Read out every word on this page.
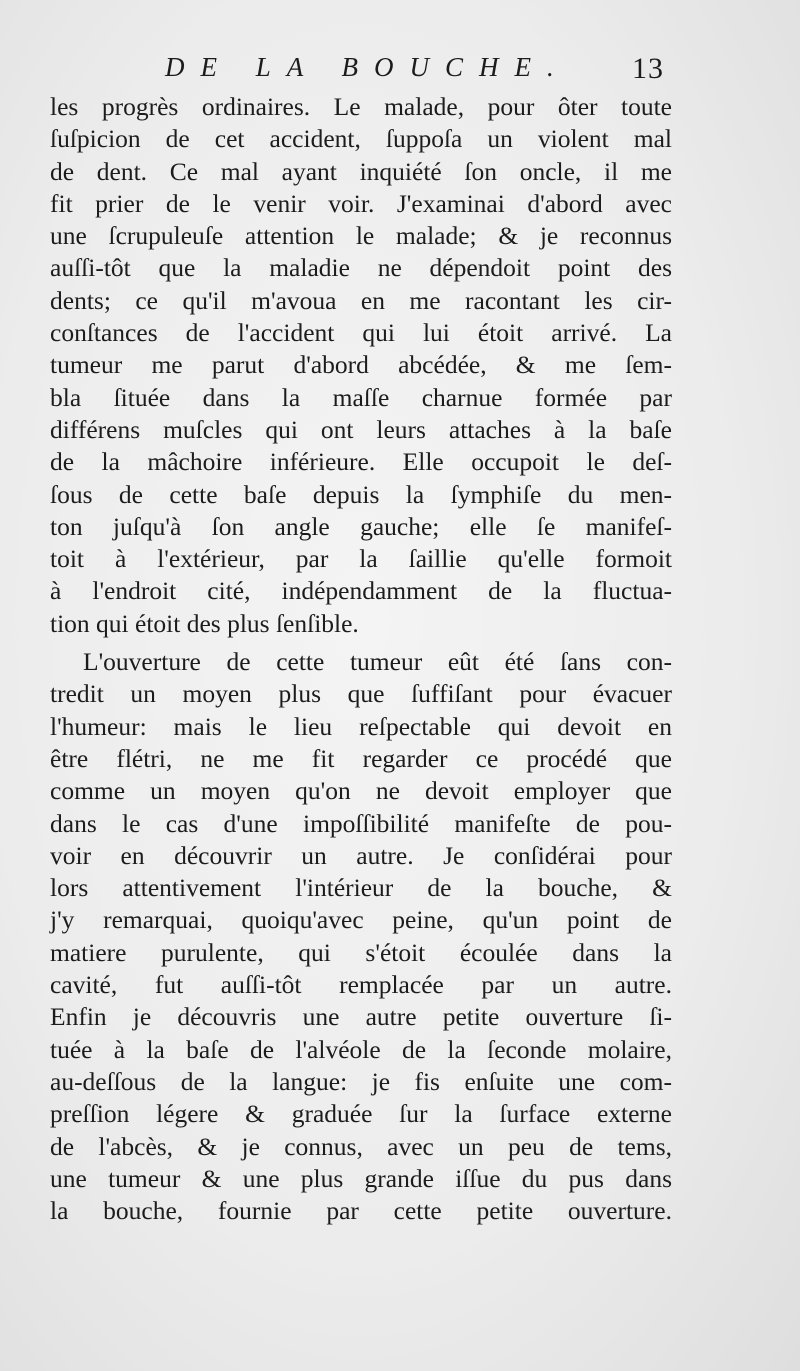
DE LA BOUCHE. 13
les progrès ordinaires. Le malade, pour ôter toute
ſuſpicion de cet accident, ſuppoſa un violent mal
de dent. Ce mal ayant inquiété ſon oncle, il me
fit prier de le venir voir. J'examinai d'abord avec
une ſcrupuleuſe attention le malade; & je reconnus
auſſi-tôt que la maladie ne dépendoit point des
dents; ce qu'il m'avoua en me racontant les cir-
conſtances de l'accident qui lui étoit arrivé. La
tumeur me parut d'abord abcédée, & me ſem-
bla ſituée dans la maſſe charnue formée par
différens muſcles qui ont leurs attaches à la baſe
de la mâchoire inférieure. Elle occupoit le deſ-
ſous de cette baſe depuis la ſymphiſe du men-
ton juſqu'à ſon angle gauche; elle ſe manifeſ-
toit à l'extérieur, par la ſaillie qu'elle formoit
à l'endroit cité, indépendamment de la fluctua-
tion qui étoit des plus ſenſible.
L'ouverture de cette tumeur eût été ſans con-
tredit un moyen plus que ſuffiſant pour évacuer
l'humeur: mais le lieu reſpectable qui devoit en
être flétri, ne me fit regarder ce procédé que
comme un moyen qu'on ne devoit employer que
dans le cas d'une impoſſibilité manifeſte de pou-
voir en découvrir un autre. Je conſidérai pour
lors attentivement l'intérieur de la bouche, &
j'y remarquai, quoiqu'avec peine, qu'un point de
matiere purulente, qui s'étoit écoulée dans la
cavité, fut auſſi-tôt remplacée par un autre.
Enfin je découvris une autre petite ouverture ſi-
tuée à la baſe de l'alvéole de la ſeconde molaire,
au-deſſous de la langue: je fis enſuite une com-
preſſion légere & graduée ſur la ſurface externe
de l'abcès, & je connus, avec un peu de tems,
une tumeur & une plus grande iſſue du pus dans
la bouche, fournie par cette petite ouverture.
